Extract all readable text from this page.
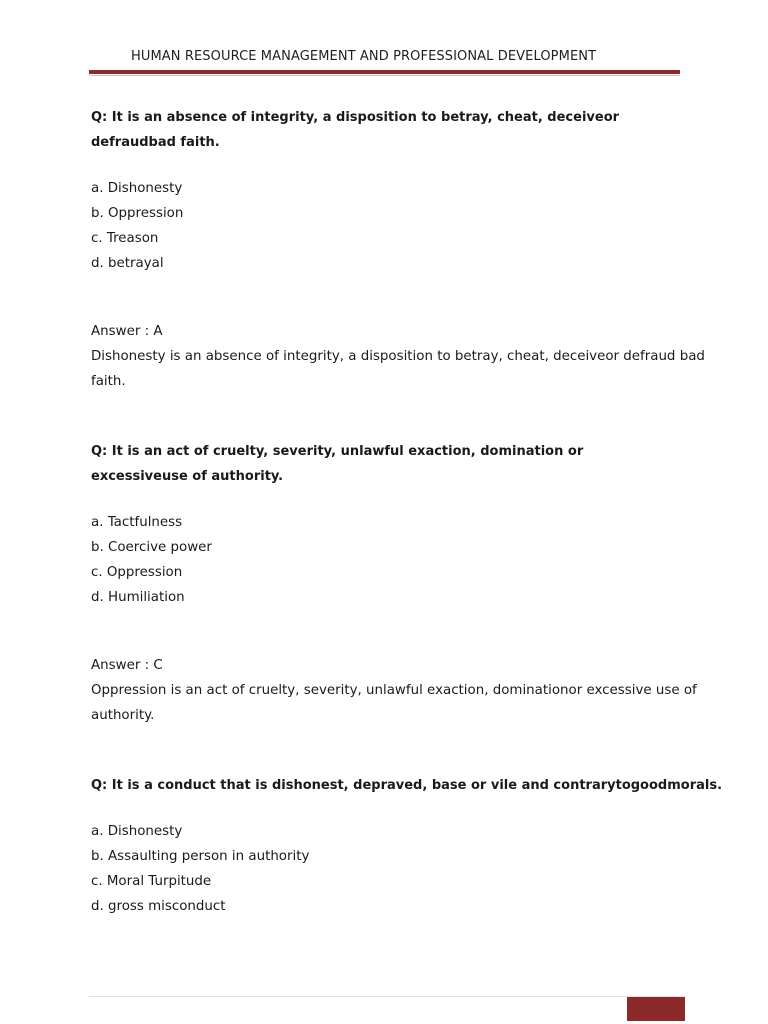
HUMAN RESOURCE MANAGEMENT AND PROFESSIONAL DEVELOPMENT

Q: It is an absence of integrity, a disposition to betray, cheat, deceiveor defraudbad faith.

a. Dishonesty
b. Oppression
c. Treason
d. betrayal

Answer : A

Dishonesty is an absence of integrity, a disposition to betray, cheat, deceiveor defraud bad faith.

Q: It is an act of cruelty, severity, unlawful exaction, domination or excessiveuse of authority.

a. Tactfulness
b. Coercive power
c. Oppression
d. Humiliation

Answer : C

Oppression is an act of cruelty, severity, unlawful exaction, dominationor excessive use of authority.

Q: It is a conduct that is dishonest, depraved, base or vile and contrarytogoodmorals.

a. Dishonesty
b. Assaulting person in authority
c. Moral Turpitude
d. gross misconduct
